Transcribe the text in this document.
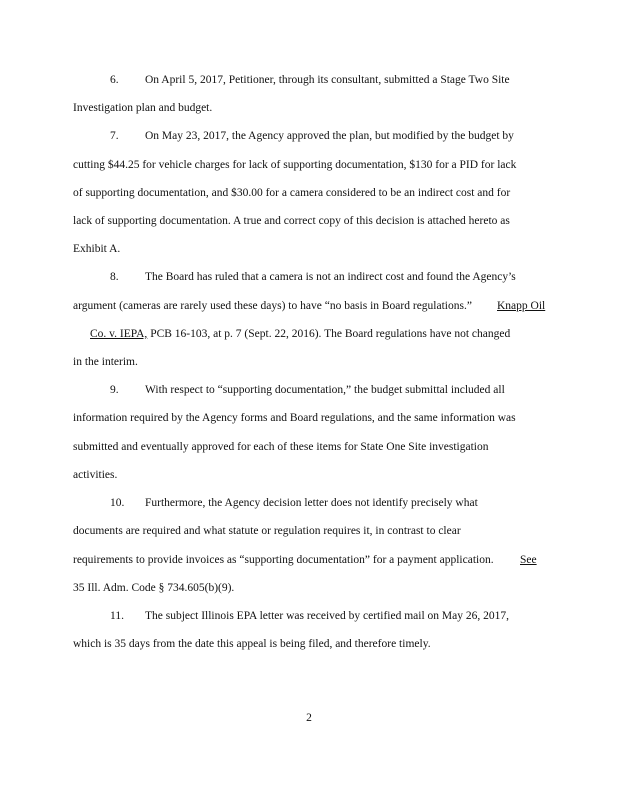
6. On April 5, 2017, Petitioner, through its consultant, submitted a Stage Two Site
Investigation plan and budget.
7. On May 23, 2017, the Agency approved the plan, but modified by the budget by
cutting $44.25 for vehicle charges for lack of supporting documentation, $130 for a PID for lack
of supporting documentation, and $30.00 for a camera considered to be an indirect cost and for
lack of supporting documentation. A true and correct copy of this decision is attached hereto as
Exhibit A.
8. The Board has ruled that a camera is not an indirect cost and found the Agency’s
argument (cameras are rarely used these days) to have “no basis in Board regulations.” Knapp Oil
Co. v. IEPA, PCB 16-103, at p. 7 (Sept. 22, 2016). The Board regulations have not changed
in the interim.
9. With respect to “supporting documentation,” the budget submittal included all
information required by the Agency forms and Board regulations, and the same information was
submitted and eventually approved for each of these items for State One Site investigation
activities.
10. Furthermore, the Agency decision letter does not identify precisely what
documents are required and what statute or regulation requires it, in contrast to clear
requirements to provide invoices as “supporting documentation” for a payment application. See
35 Ill. Adm. Code § 734.605(b)(9).
11. The subject Illinois EPA letter was received by certified mail on May 26, 2017,
which is 35 days from the date this appeal is being filed, and therefore timely.
2
